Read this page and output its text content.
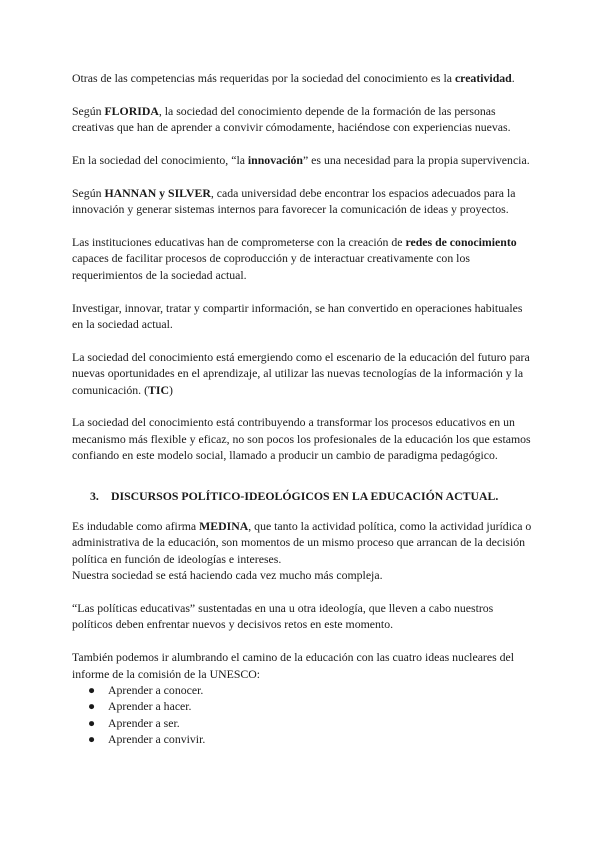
Otras de las competencias más requeridas por la sociedad del conocimiento es la creatividad.

Según FLORIDA, la sociedad del conocimiento depende de la formación de las personas creativas que han de aprender a convivir cómodamente, haciéndose con experiencias nuevas.

En la sociedad del conocimiento, “la innovación” es una necesidad para la propia supervivencia.

Según HANNAN y SILVER, cada universidad debe encontrar los espacios adecuados para la innovación y generar sistemas internos para favorecer la comunicación de ideas y proyectos.

Las instituciones educativas han de comprometerse con la creación de redes de conocimiento capaces de facilitar procesos de coproducción y de interactuar creativamente con los requerimientos de la sociedad actual.

Investigar, innovar, tratar y compartir información, se han convertido en operaciones habituales en la sociedad actual.

La sociedad del conocimiento está emergiendo como el escenario de la educación del futuro para nuevas oportunidades en el aprendizaje, al utilizar las nuevas tecnologías de la información y la comunicación. (TIC)

La sociedad del conocimiento está contribuyendo a transformar los procesos educativos en un mecanismo más flexible y eficaz, no son pocos los profesionales de la educación los que estamos confiando en este modelo social, llamado a producir un cambio de paradigma pedagógico.

3. DISCURSOS POLÍTICO-IDEOLÓGICOS EN LA EDUCACIÓN ACTUAL.

Es indudable como afirma MEDINA, que tanto la actividad política, como la actividad jurídica o administrativa de la educación, son momentos de un mismo proceso que arrancan de la decisión política en función de ideologías e intereses.

Nuestra sociedad se está haciendo cada vez mucho más compleja.

“Las políticas educativas” sustentadas en una u otra ideología, que lleven a cabo nuestros políticos deben enfrentar nuevos y decisivos retos en este momento.

También podemos ir alumbrando el camino de la educación con las cuatro ideas nucleares del informe de la comisión de la UNESCO:

● Aprender a conocer.
● Aprender a hacer.
● Aprender a ser.
● Aprender a convivir.
